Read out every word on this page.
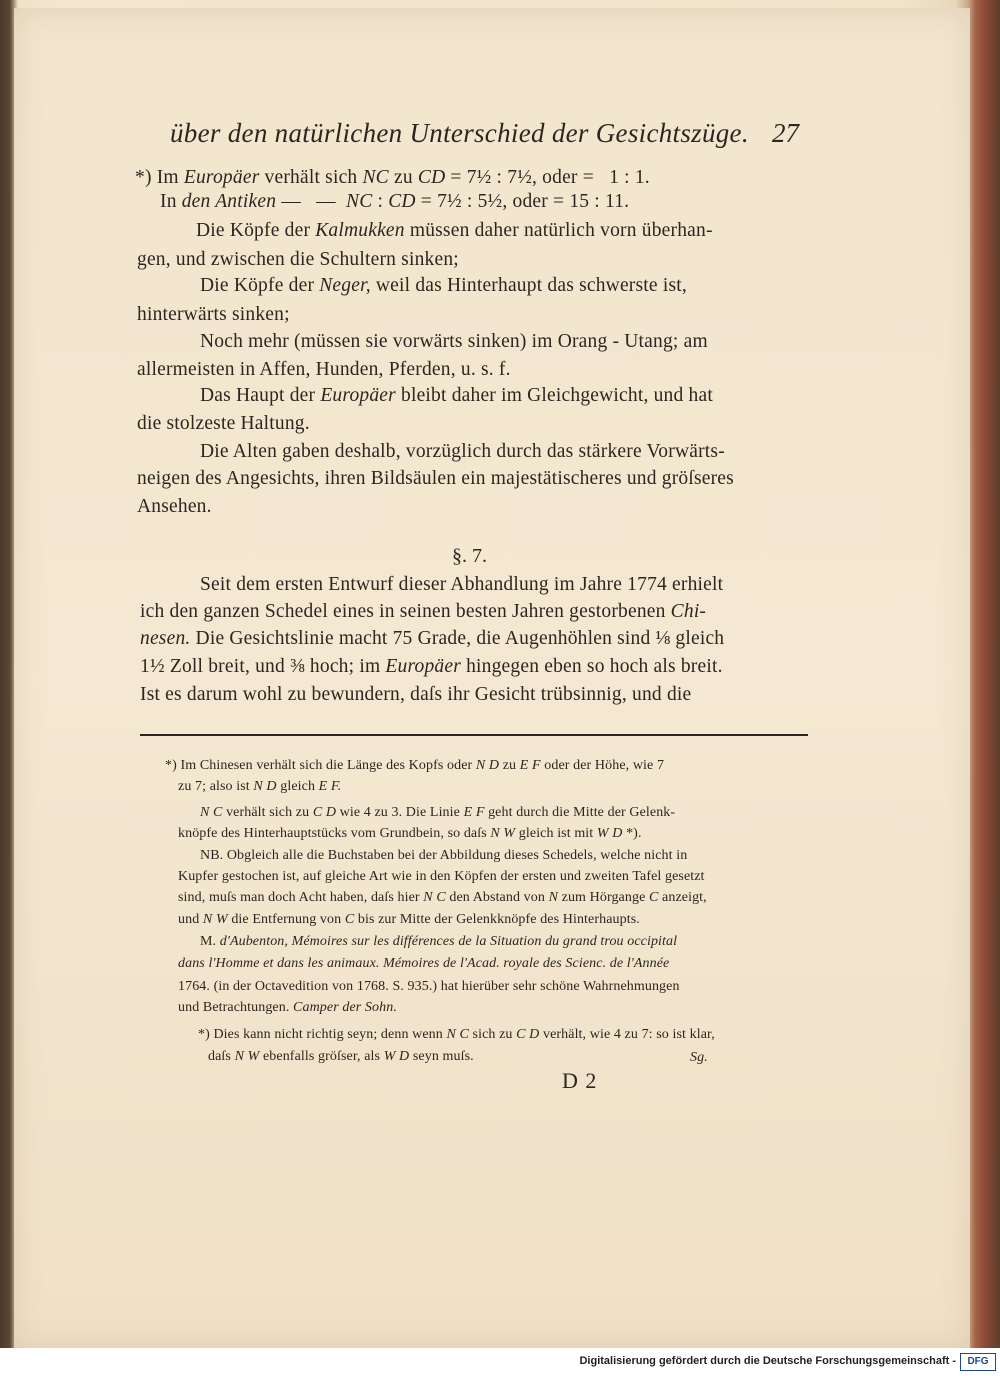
über den natürlichen Unterschied der Gesichtszüge. 27
*) Im Europäer verhält sich NC zu CD = 7½ : 7½, oder =   1 : 1.
In den Antiken —   —  NC : CD = 7½ : 5½, oder = 15 : 11.
Die Köpfe der Kalmukken müssen daher natürlich vorn überhan-
gen, und zwischen die Schultern sinken;
Die Köpfe der Neger, weil das Hinterhaupt das schwerste ist,
hinterwärts sinken;
Noch mehr (müssen sie vorwärts sinken) im Orang - Utang; am
allermeisten in Affen, Hunden, Pferden, u. s. f.
Das Haupt der Europäer bleibt daher im Gleichgewicht, und hat
die stolzeste Haltung.
Die Alten gaben deshalb, vorzüglich durch das stärkere Vorwärts-
neigen des Angesichts, ihren Bildsäulen ein majestätischeres und gröſseres
Ansehen.
§. 7.
Seit dem ersten Entwurf dieser Abhandlung im Jahre 1774 erhielt
ich den ganzen Schedel eines in seinen besten Jahren gestorbenen Chi-
nesen. Die Gesichtslinie macht 75 Grade, die Augenhöhlen sind ⅛ gleich
1½ Zoll breit, und ⅜ hoch; im Europäer hingegen eben so hoch als breit.
Ist es darum wohl zu bewundern, daſs ihr Gesicht trübsinnig, und die
*) Im Chinesen verhält sich die Länge des Kopfs oder N D zu E F oder der Höhe, wie 7
zu 7; also ist N D gleich E F.
N C verhält sich zu C D wie 4 zu 3. Die Linie E F geht durch die Mitte der Gelenk-
knöpfe des Hinterhauptstücks vom Grundbein, so daſs N W gleich ist mit W D *).
NB. Obgleich alle die Buchstaben bei der Abbildung dieses Schedels, welche nicht in
Kupfer gestochen ist, auf gleiche Art wie in den Köpfen der ersten und zweiten Tafel gesetzt
sind, muſs man doch Acht haben, daſs hier N C den Abstand von N zum Hörgange C anzeigt,
und N W die Entfernung von C bis zur Mitte der Gelenkknöpfe des Hinterhaupts.
M. d'Aubenton, Mémoires sur les différences de la Situation du grand trou occipital
dans l'Homme et dans les animaux. Mémoires de l'Acad. royale des Scienc. de l'Année
1764. (in der Octavedition von 1768. S. 935.) hat hierüber sehr schöne Wahrnehmungen
und Betrachtungen. Camper der Sohn.
*) Dies kann nicht richtig seyn; denn wenn N C sich zu C D verhält, wie 4 zu 7: so ist klar,
daſs N W ebenfalls gröſser, als W D seyn muſs.	Sg.
D 2
Digitalisierung gefördert durch die Deutsche Forschungsgemeinschaft -	DFG
